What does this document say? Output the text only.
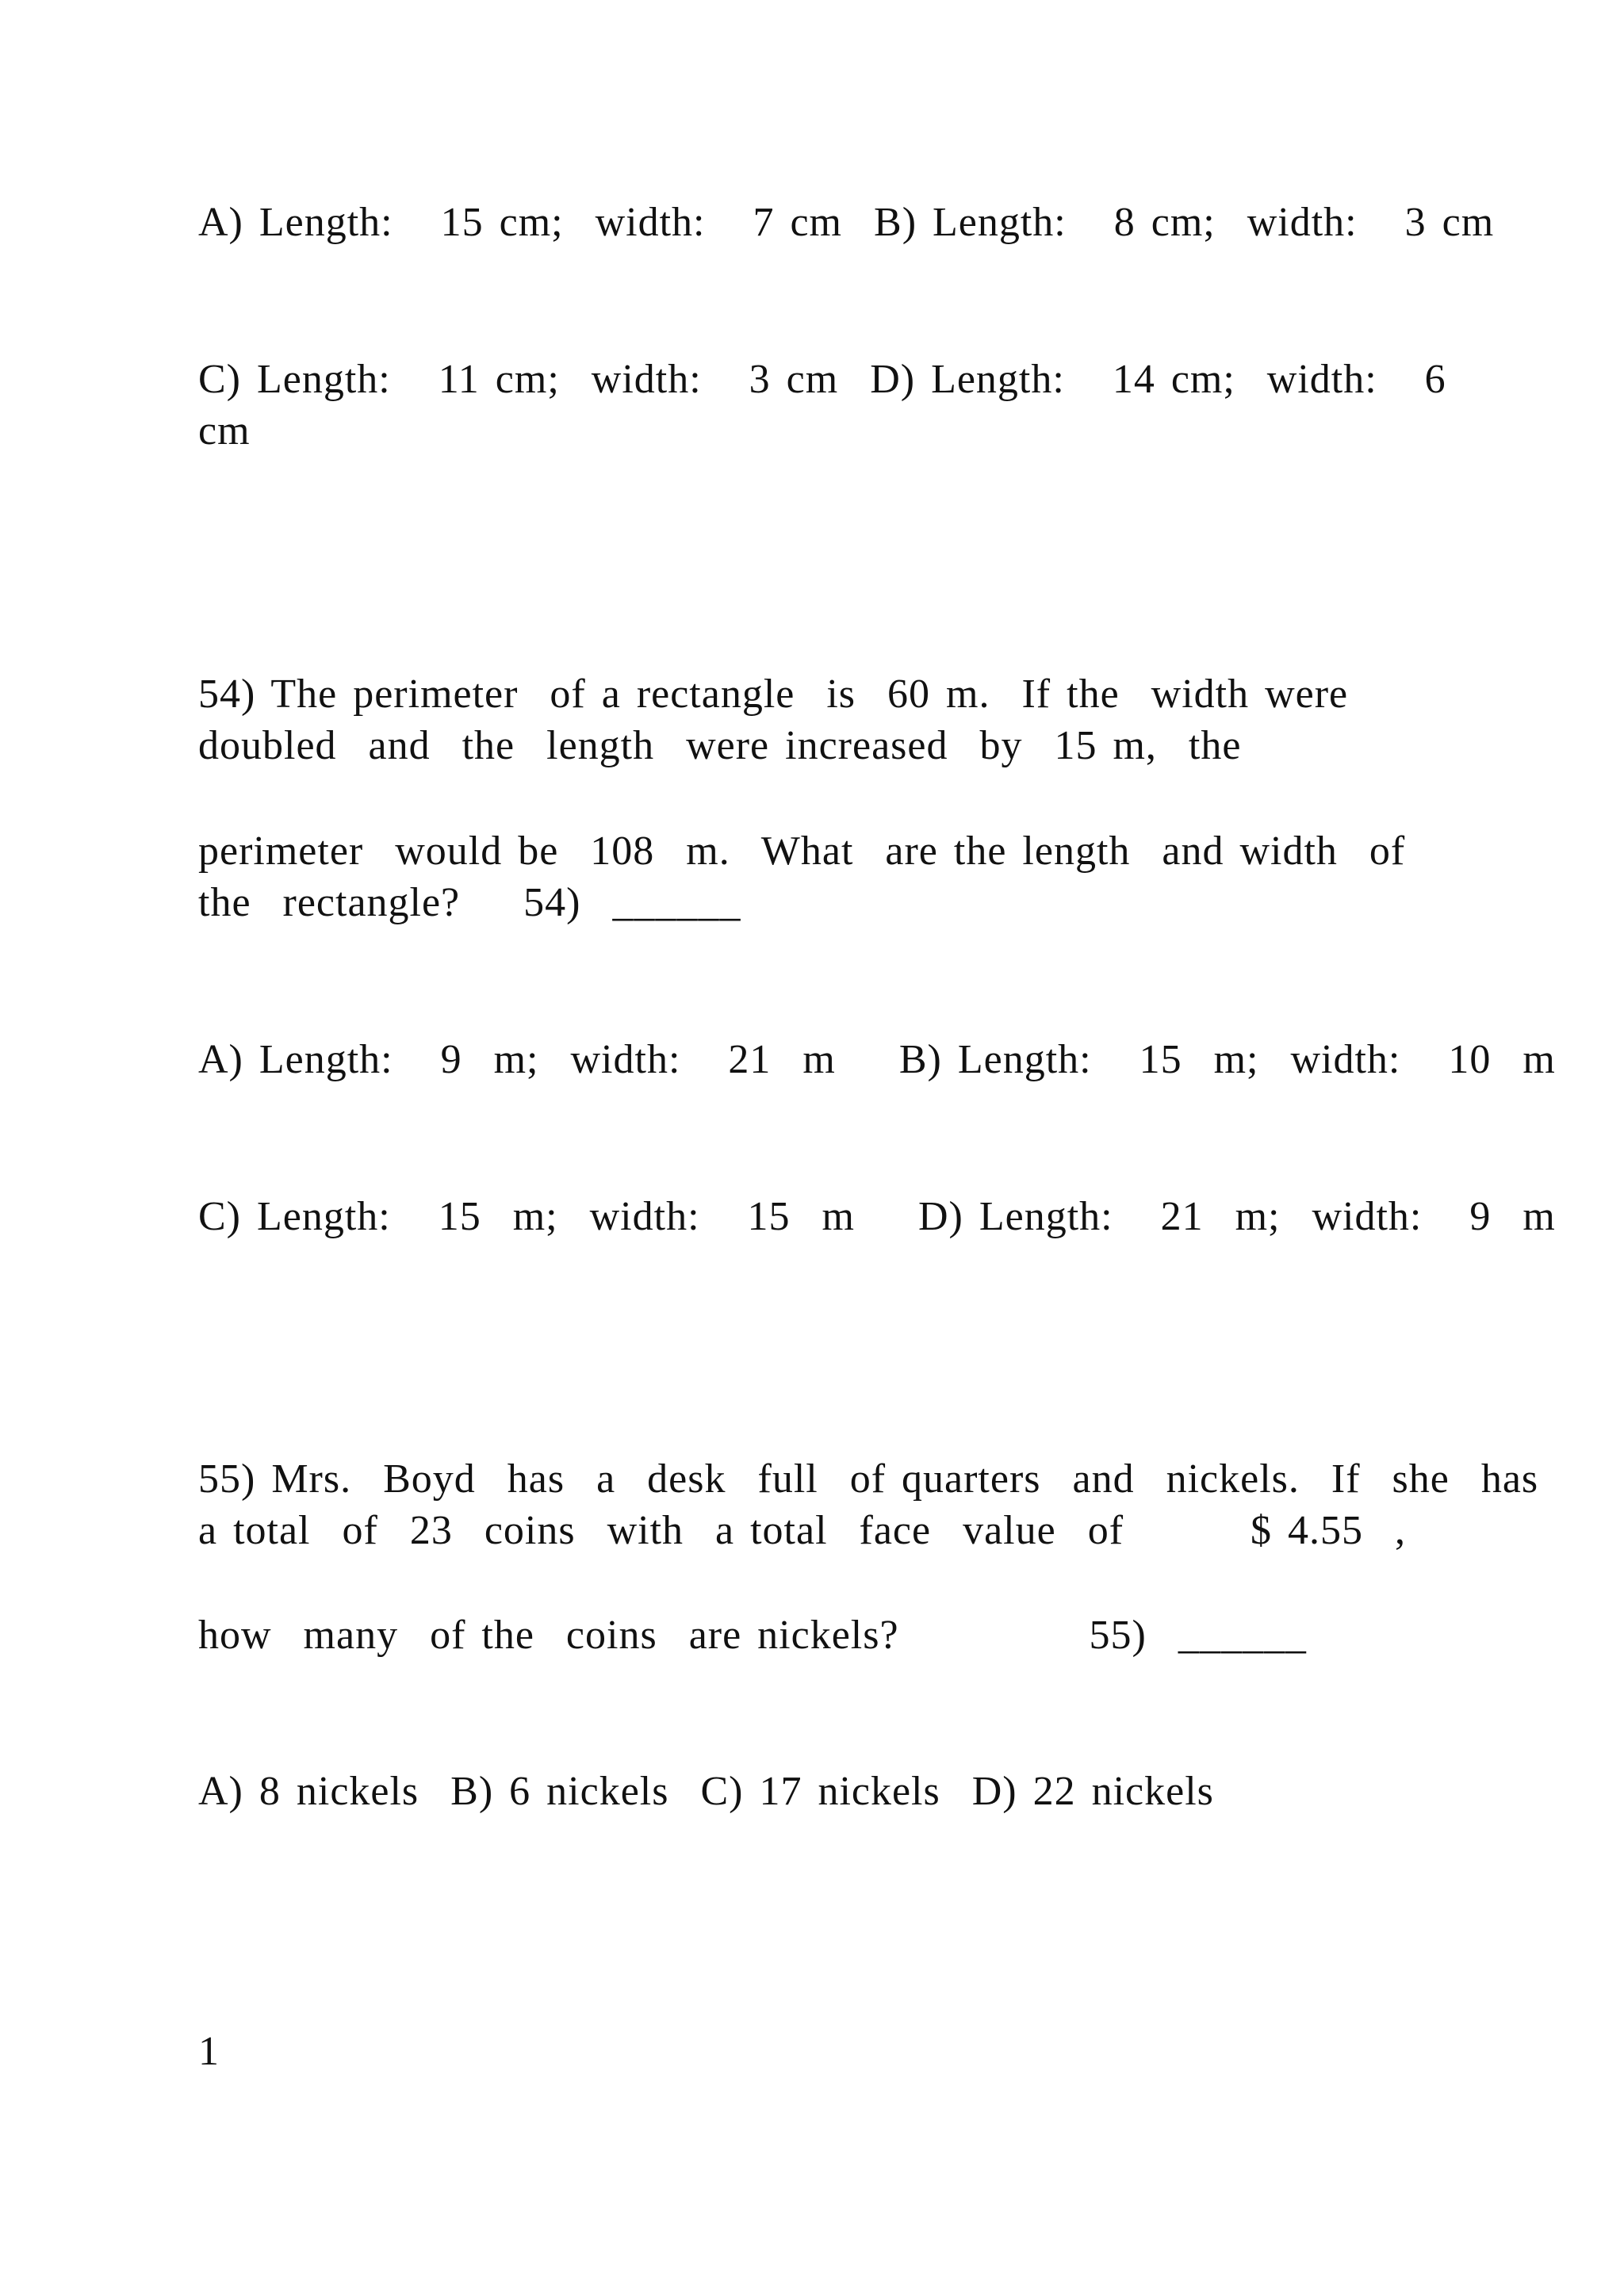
A) Length:   15 cm;  width:   7 cm  B) Length:   8 cm;  width:   3 cm
C) Length:   11 cm;  width:   3 cm  D) Length:   14 cm;  width:   6
cm
54) The perimeter  of a rectangle  is  60 m.  If the  width were
doubled  and  the  length  were increased  by  15 m,  the
perimeter  would be  108  m.  What  are the length  and width  of
the  rectangle?    54)  ______
A) Length:   9  m;  width:   21  m    B) Length:   15  m;  width:   10  m
C) Length:   15  m;  width:   15  m    D) Length:   21  m;  width:   9  m
55) Mrs.  Boyd  has  a  desk  full  of quarters  and  nickels.  If  she  has
a total  of  23  coins  with  a total  face  value  of        $ 4.55  ,
how  many  of the  coins  are nickels?            55)  ______
A) 8 nickels  B) 6 nickels  C) 17 nickels  D) 22 nickels
1
